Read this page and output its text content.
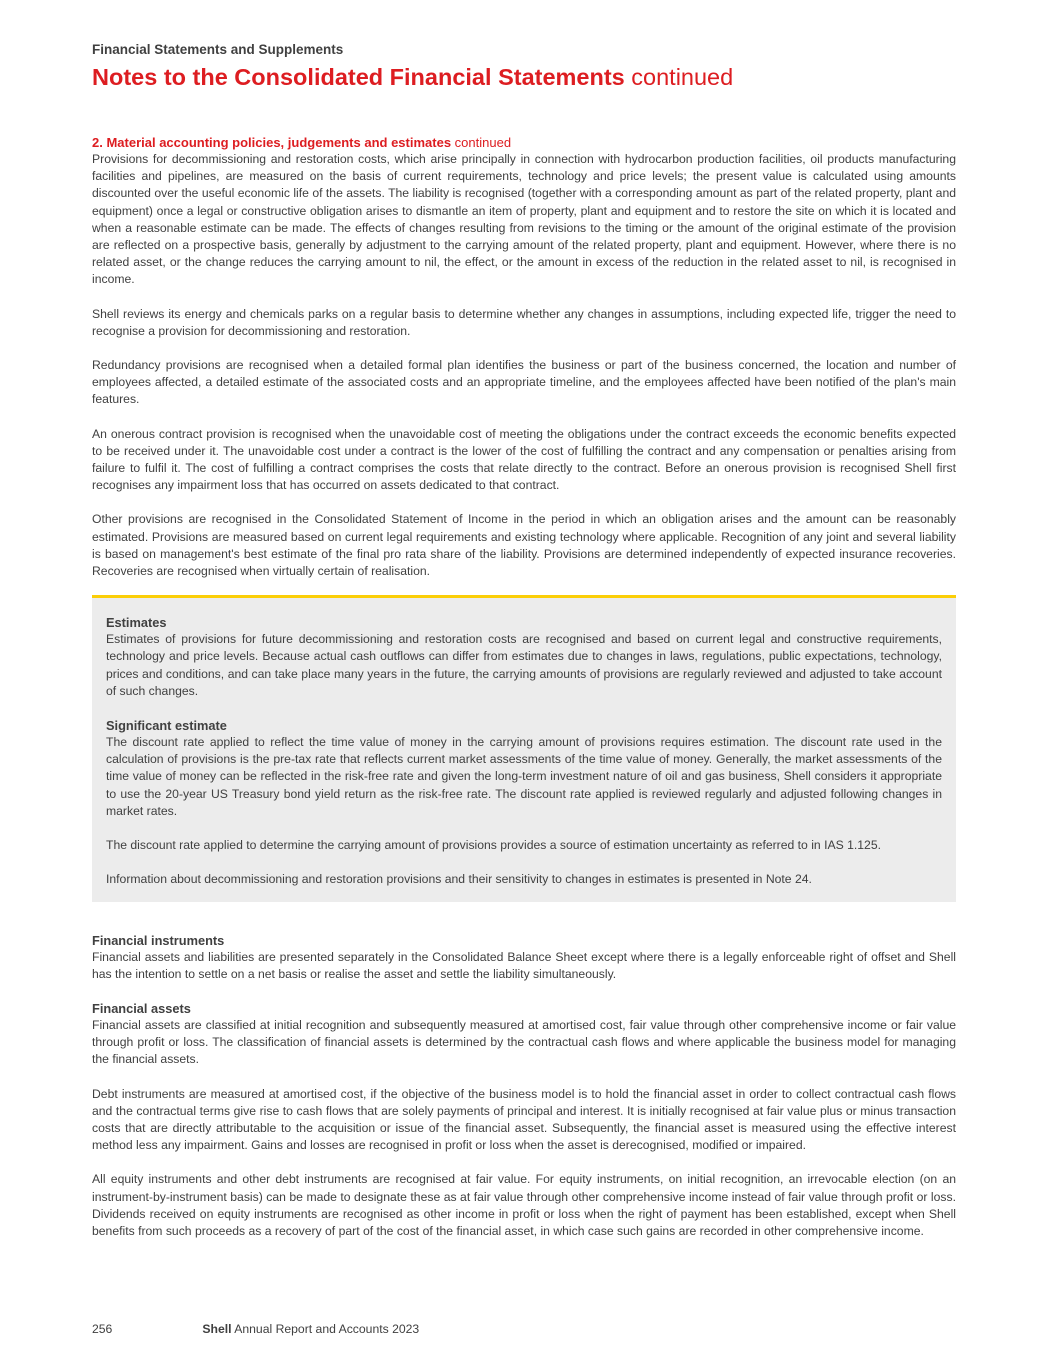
Financial Statements and Supplements
Notes to the Consolidated Financial Statements continued
2. Material accounting policies, judgements and estimates continued

Provisions for decommissioning and restoration costs, which arise principally in connection with hydrocarbon production facilities, oil products manufacturing facilities and pipelines, are measured on the basis of current requirements, technology and price levels; the present value is calculated using amounts discounted over the useful economic life of the assets. The liability is recognised (together with a corresponding amount as part of the related property, plant and equipment) once a legal or constructive obligation arises to dismantle an item of property, plant and equipment and to restore the site on which it is located and when a reasonable estimate can be made. The effects of changes resulting from revisions to the timing or the amount of the original estimate of the provision are reflected on a prospective basis, generally by adjustment to the carrying amount of the related property, plant and equipment. However, where there is no related asset, or the change reduces the carrying amount to nil, the effect, or the amount in excess of the reduction in the related asset to nil, is recognised in income.

Shell reviews its energy and chemicals parks on a regular basis to determine whether any changes in assumptions, including expected life, trigger the need to recognise a provision for decommissioning and restoration.

Redundancy provisions are recognised when a detailed formal plan identifies the business or part of the business concerned, the location and number of employees affected, a detailed estimate of the associated costs and an appropriate timeline, and the employees affected have been notified of the plan's main features.

An onerous contract provision is recognised when the unavoidable cost of meeting the obligations under the contract exceeds the economic benefits expected to be received under it. The unavoidable cost under a contract is the lower of the cost of fulfilling the contract and any compensation or penalties arising from failure to fulfil it. The cost of fulfilling a contract comprises the costs that relate directly to the contract. Before an onerous provision is recognised Shell first recognises any impairment loss that has occurred on assets dedicated to that contract.

Other provisions are recognised in the Consolidated Statement of Income in the period in which an obligation arises and the amount can be reasonably estimated. Provisions are measured based on current legal requirements and existing technology where applicable. Recognition of any joint and several liability is based on management's best estimate of the final pro rata share of the liability. Provisions are determined independently of expected insurance recoveries. Recoveries are recognised when virtually certain of realisation.

Estimates

Estimates of provisions for future decommissioning and restoration costs are recognised and based on current legal and constructive requirements, technology and price levels. Because actual cash outflows can differ from estimates due to changes in laws, regulations, public expectations, technology, prices and conditions, and can take place many years in the future, the carrying amounts of provisions are regularly reviewed and adjusted to take account of such changes.

Significant estimate

The discount rate applied to reflect the time value of money in the carrying amount of provisions requires estimation. The discount rate used in the calculation of provisions is the pre-tax rate that reflects current market assessments of the time value of money. Generally, the market assessments of the time value of money can be reflected in the risk-free rate and given the long-term investment nature of oil and gas business, Shell considers it appropriate to use the 20-year US Treasury bond yield return as the risk-free rate. The discount rate applied is reviewed regularly and adjusted following changes in market rates.

The discount rate applied to determine the carrying amount of provisions provides a source of estimation uncertainty as referred to in IAS 1.125.

Information about decommissioning and restoration provisions and their sensitivity to changes in estimates is presented in Note 24.

Financial instruments

Financial assets and liabilities are presented separately in the Consolidated Balance Sheet except where there is a legally enforceable right of offset and Shell has the intention to settle on a net basis or realise the asset and settle the liability simultaneously.

Financial assets

Financial assets are classified at initial recognition and subsequently measured at amortised cost, fair value through other comprehensive income or fair value through profit or loss. The classification of financial assets is determined by the contractual cash flows and where applicable the business model for managing the financial assets.

Debt instruments are measured at amortised cost, if the objective of the business model is to hold the financial asset in order to collect contractual cash flows and the contractual terms give rise to cash flows that are solely payments of principal and interest. It is initially recognised at fair value plus or minus transaction costs that are directly attributable to the acquisition or issue of the financial asset. Subsequently, the financial asset is measured using the effective interest method less any impairment. Gains and losses are recognised in profit or loss when the asset is derecognised, modified or impaired.

All equity instruments and other debt instruments are recognised at fair value. For equity instruments, on initial recognition, an irrevocable election (on an instrument-by-instrument basis) can be made to designate these as at fair value through other comprehensive income instead of fair value through profit or loss. Dividends received on equity instruments are recognised as other income in profit or loss when the right of payment has been established, except when Shell benefits from such proceeds as a recovery of part of the cost of the financial asset, in which case such gains are recorded in other comprehensive income.

256	Shell Annual Report and Accounts 2023
